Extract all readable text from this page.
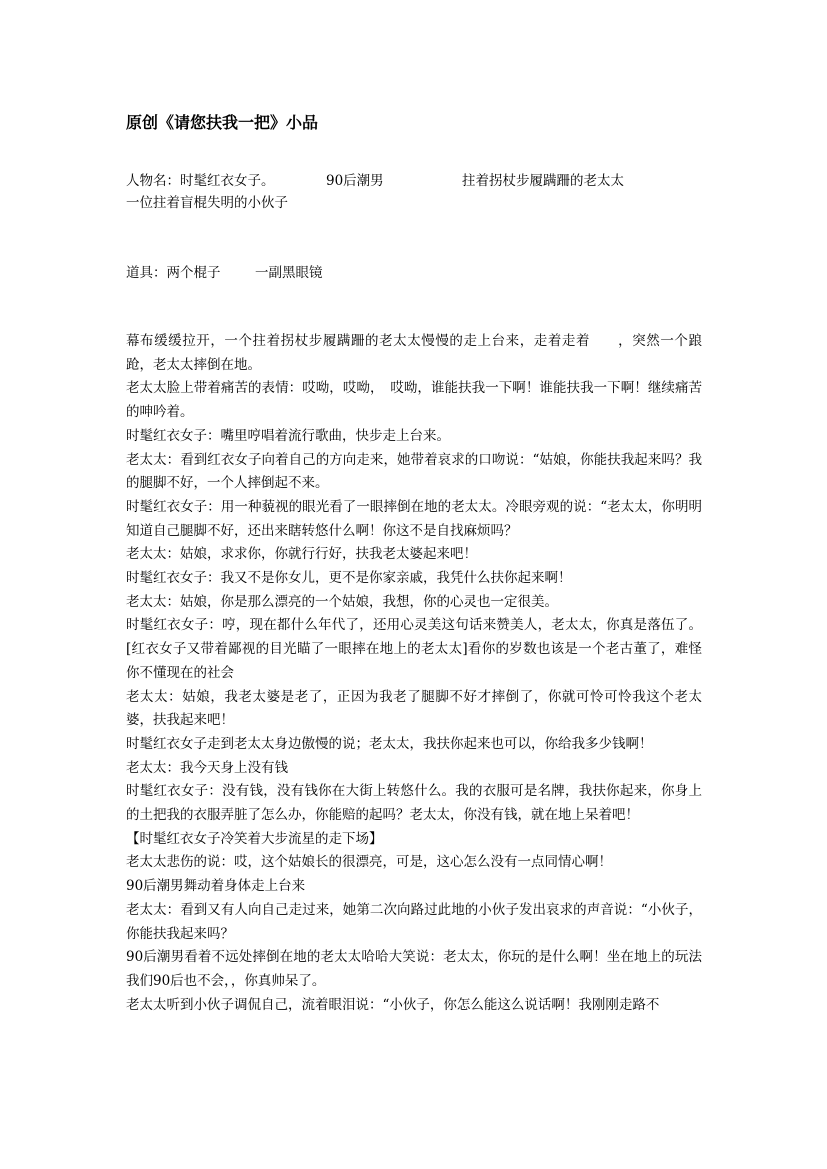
原创《请您扶我一把》小品
人物名：时髦红衣女子。	90后潮男	拄着拐杖步履蹒跚的老太太
一位拄着盲棍失明的小伙子
道具：两个棍子	一副黑眼镜

幕布缓缓拉开，一个拄着拐杖步履蹒跚的老太太慢慢的走上台来，走着走着　　，突然一个踉跄，老太太摔倒在地。

老太太脸上带着痛苦的表情：哎呦，哎呦，　哎呦，谁能扶我一下啊！谁能扶我一下啊！继续痛苦的呻吟着。

时髦红衣女子：嘴里哼唱着流行歌曲，快步走上台来。

老太太：看到红衣女子向着自己的方向走来，她带着哀求的口吻说：“姑娘，你能扶我起来吗？我的腿脚不好，一个人摔倒起不来。

时髦红衣女子：用一种藐视的眼光看了一眼摔倒在地的老太太。冷眼旁观的说：“老太太，你明明知道自己腿脚不好，还出来瞎转悠什么啊！你这不是自找麻烦吗？

老太太：姑娘，求求你，你就行行好，扶我老太婆起来吧！

时髦红衣女子：我又不是你女儿，更不是你家亲戚，我凭什么扶你起来啊！

老太太：姑娘，你是那么漂亮的一个姑娘，我想，你的心灵也一定很美。

时髦红衣女子：哼，现在都什么年代了，还用心灵美这句话来赞美人，老太太，你真是落伍了。[红衣女子又带着鄙视的目光瞄了一眼摔在地上的老太太]看你的岁数也该是一个老古董了，难怪你不懂现在的社会

老太太：姑娘，我老太婆是老了，正因为我老了腿脚不好才摔倒了，你就可怜可怜我这个老太婆，扶我起来吧！

时髦红衣女子走到老太太身边傲慢的说；老太太，我扶你起来也可以，你给我多少钱啊！

老太太：我今天身上没有钱

时髦红衣女子：没有钱，没有钱你在大街上转悠什么。我的衣服可是名牌，我扶你起来，你身上的土把我的衣服弄脏了怎么办，你能赔的起吗？老太太，你没有钱，就在地上呆着吧！

【时髦红衣女子冷笑着大步流星的走下场】

老太太悲伤的说：哎，这个姑娘长的很漂亮，可是，这心怎么没有一点同情心啊！

90后潮男舞动着身体走上台来

老太太：看到又有人向自己走过来，她第二次向路过此地的小伙子发出哀求的声音说：“小伙子，你能扶我起来吗？

90后潮男看着不远处摔倒在地的老太太哈哈大笑说：老太太，你玩的是什么啊！坐在地上的玩法我们90后也不会，，你真帅呆了。

老太太听到小伙子调侃自己，流着眼泪说：“小伙子，你怎么能这么说话啊！我刚刚走路不
